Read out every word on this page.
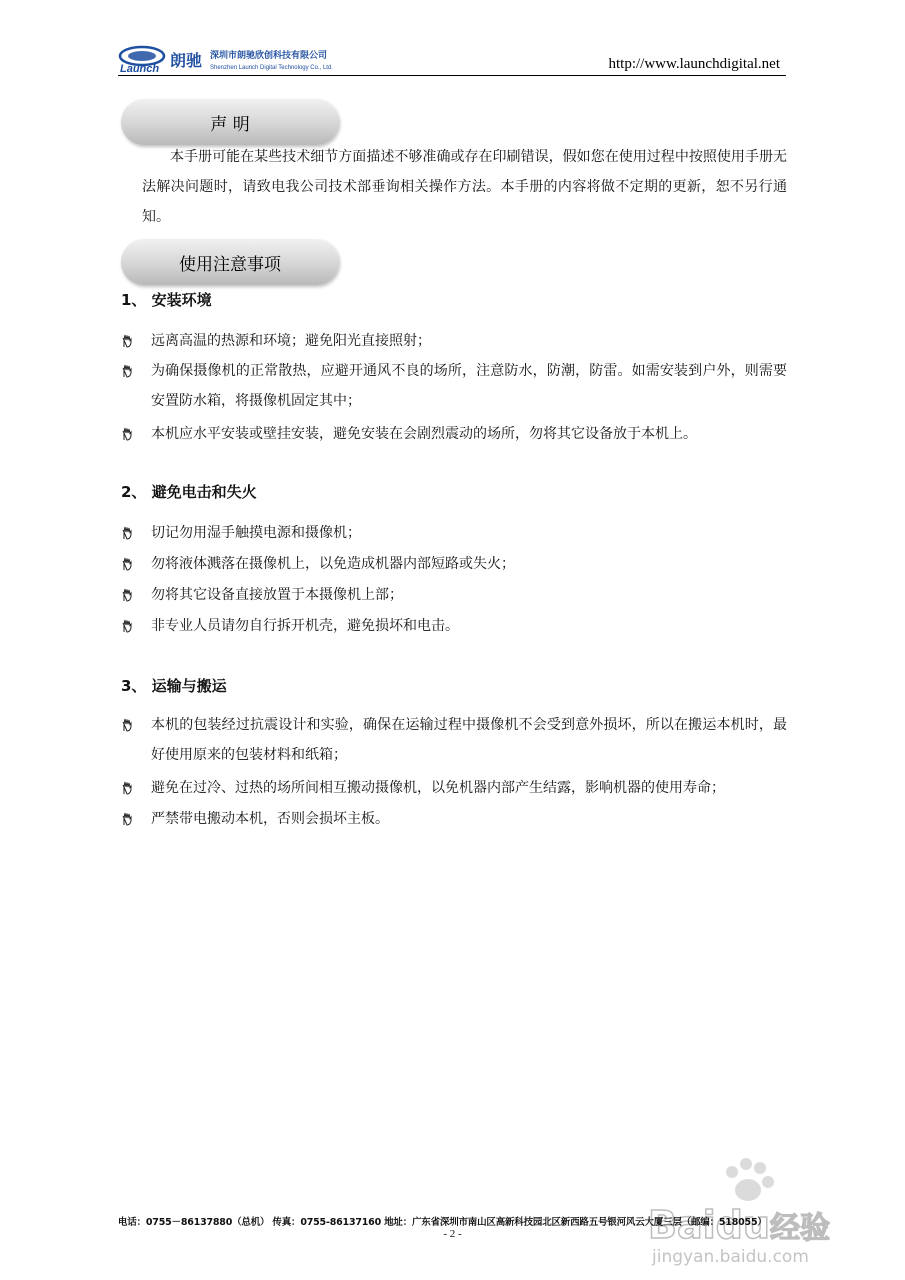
Launch 朗驰 深圳市朗驰欣创科技有限公司
Shenzhen Launch Digital Technology Co., Ltd.	http://www.launchdigital.net
声 明
本手册可能在某些技术细节方面描述不够准确或存在印刷错误，假如您在使用过程中按照使用手册无法解决问题时，请致电我公司技术部垂询相关操作方法。本手册的内容将做不定期的更新，恕不另行通知。
使用注意事项
1、 安装环境
远离高温的热源和环境；避免阳光直接照射；
为确保摄像机的正常散热，应避开通风不良的场所，注意防水，防潮，防雷。如需安装到户外，则需要安置防水箱，将摄像机固定其中；
本机应水平安装或壁挂安装，避免安装在会剧烈震动的场所，勿将其它设备放于本机上。
2、 避免电击和失火
切记勿用湿手触摸电源和摄像机；
勿将液体溅落在摄像机上，以免造成机器内部短路或失火；
勿将其它设备直接放置于本摄像机上部；
非专业人员请勿自行拆开机壳，避免损坏和电击。
3、 运输与搬运
本机的包装经过抗震设计和实验，确保在运输过程中摄像机不会受到意外损坏，所以在搬运本机时，最好使用原来的包装材料和纸箱；
避免在过冷、过热的场所间相互搬动摄像机，以免机器内部产生结露，影响机器的使用寿命；
严禁带电搬动本机，否则会损坏主板。
Baidu 经验
jingyan.baidu.com
电话：0755－86137880（总机） 传真：0755-86137160 地址：广东省深圳市南山区高新科技园北区新西路五号银河风云大厦三层（邮编：518055）
- 2 -
